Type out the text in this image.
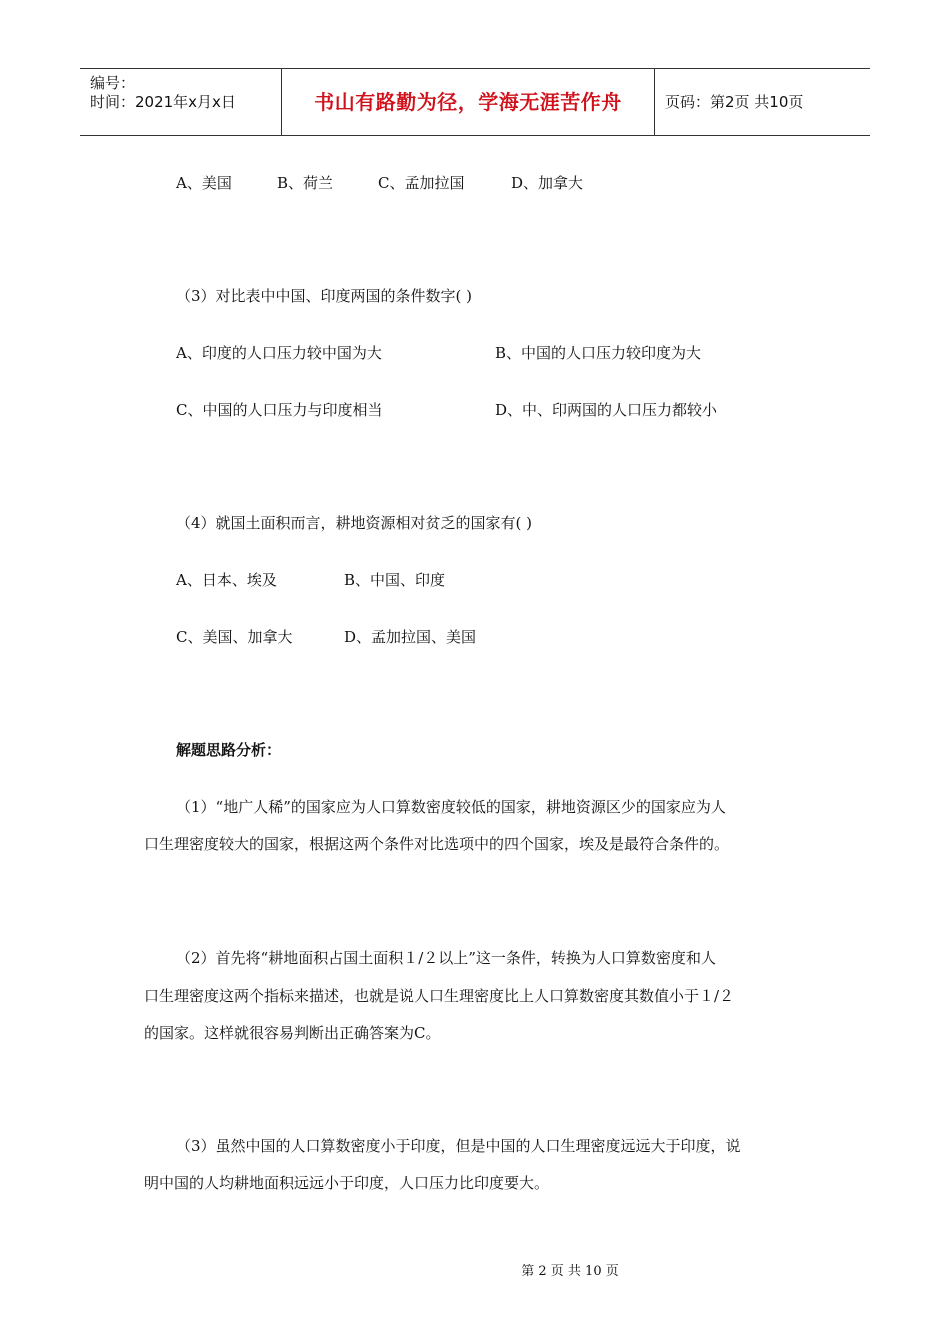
编号：
时间：2021年x月x日	书山有路勤为径，学海无涯苦作舟	页码：第2页 共10页
A、美国	B、荷兰	C、孟加拉国	D、加拿大
（3）对比表中中国、印度两国的条件数字( )
A、印度的人口压力较中国为大	B、中国的人口压力较印度为大
C、中国的人口压力与印度相当	D、中、印两国的人口压力都较小
（4）就国土面积而言，耕地资源相对贫乏的国家有( )
A、日本、埃及	B、中国、印度
C、美国、加拿大	D、孟加拉国、美国
解题思路分析：
（1）“地广人稀”的国家应为人口算数密度较低的国家，耕地资源区少的国家应为人
口生理密度较大的国家，根据这两个条件对比选项中的四个国家，埃及是最符合条件的。
（2）首先将“耕地面积占国土面积１/２以上”这一条件，转换为人口算数密度和人
口生理密度这两个指标来描述，也就是说人口生理密度比上人口算数密度其数值小于１/２
的国家。这样就很容易判断出正确答案为C。
（3）虽然中国的人口算数密度小于印度，但是中国的人口生理密度远远大于印度，说
明中国的人均耕地面积远远小于印度，人口压力比印度要大。
第 2 页 共 10 页
